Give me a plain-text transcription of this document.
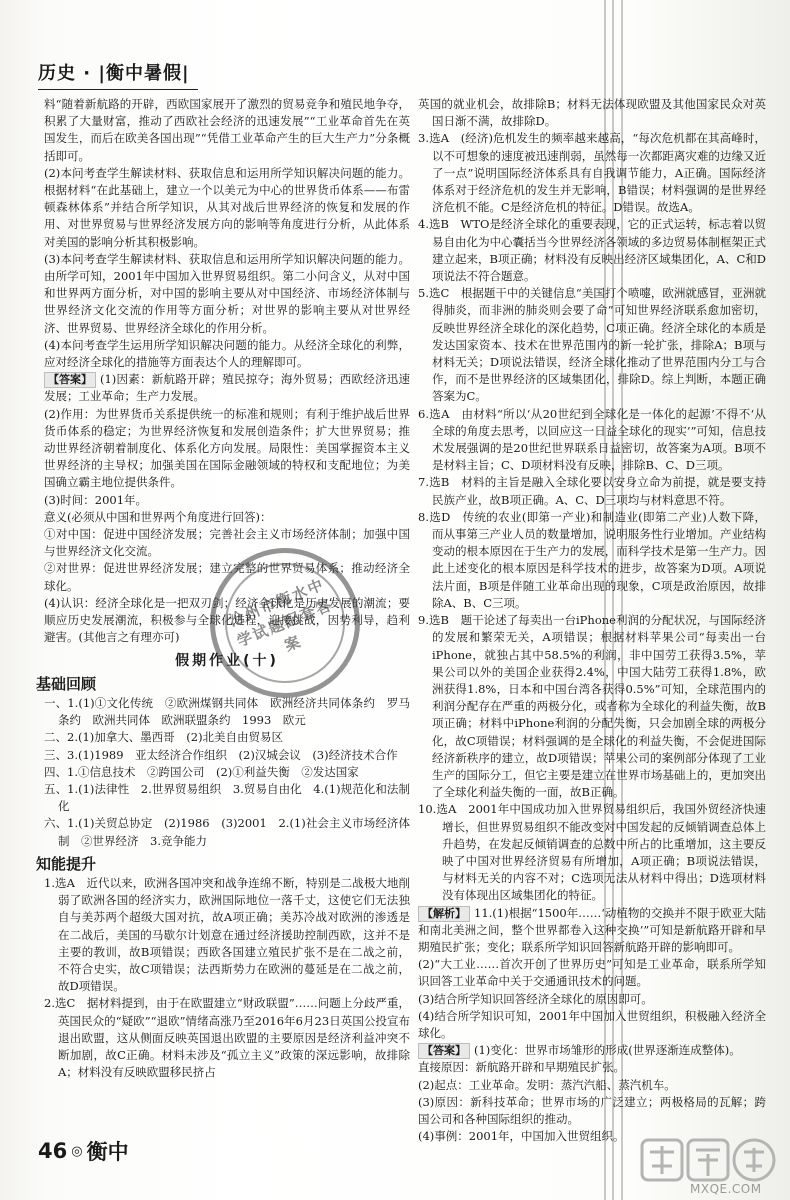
历史 · |衡中暑假|

料“随着新航路的开辟，西欧国家展开了激烈的贸易竞争和殖民地争夺，积累了大量财富，推动了西欧社会经济的迅速发展”“工业革命首先在英国发生，而后在欧美各国出现”“凭借工业革命产生的巨大生产力”分条概括即可。

(2)本问考查学生解读材料、获取信息和运用所学知识解决问题的能力。根据材料“在此基础上，建立一个以美元为中心的世界货币体系——布雷顿森林体系”并结合所学知识，从其对战后世界经济的恢复和发展的作用、对世界贸易与世界经济发展方向的影响等角度进行分析，从此体系对美国的影响分析其积极影响。

(3)本问考查学生解读材料、获取信息和运用所学知识解决问题的能力。由所学可知，2001年中国加入世界贸易组织。第二小问含义，从对中国和世界两方面分析，对中国的影响主要从对中国经济、市场经济体制与世界经济文化交流的作用等方面分析；对世界的影响主要从对世界经济、世界贸易、世界经济全球化的作用分析。

(4)本问考查学生运用所学知识解决问题的能力。从经济全球化的利弊，应对经济全球化的措施等方面表达个人的理解即可。

【答案】 (1)因素：新航路开辟；殖民掠夺；海外贸易；西欧经济迅速发展；工业革命；生产力发展。

(2)作用：为世界货币关系提供统一的标准和规则；有利于维护战后世界货币体系的稳定；为世界经济恢复和发展创造条件；扩大世界贸易；推动世界经济朝着制度化、体系化方向发展。局限性：美国掌握资本主义世界经济的主导权；加强美国在国际金融领域的特权和支配地位；为美国确立霸主地位提供条件。

(3)时间：2001年。

意义(必须从中国和世界两个角度进行回答)：

①对中国：促进中国经济发展；完善社会主义市场经济体制；加强中国与世界经济文化交流。

②对世界：促进世界经济发展；建立完整的世界贸易体系；推动经济全球化。

(4)认识：经济全球化是一把双刃剑；经济全球化是历史发展的潮流；要顺应历史发展潮流，积极参与全球化进程，迎接挑战，因势利导，趋利避害。(其他言之有理亦可)

假期作业(十)
基础回顾

一、1.(1)①文化传统　②欧洲煤钢共同体　欧洲经济共同体条约　罗马条约　欧洲共同体　欧洲联盟条约　1993　欧元

二、2.(1)加拿大、墨西哥　(2)北美自由贸易区

三、3.(1)1989　亚太经济合作组织　(2)汉城会议　(3)经济技术合作

四、1.①信息技术　②跨国公司　(2)①利益失衡　②发达国家

五、1.(1)法律性　2.世界贸易组织　3.贸易自由化　4.(1)规范化和法制化

六、1.(1)关贸总协定　(2)1986　(3)2001　2.(1)社会主义市场经济体制　②世界经济　3.竞争能力

知能提升

1.选A　近代以来，欧洲各国冲突和战争连绵不断，特别是二战极大地削弱了欧洲各国的经济实力，欧洲国际地位一落千丈，这使它们无法独自与美苏两个超级大国对抗，故A项正确；美苏冷战对欧洲的渗透是在二战后，美国的马歇尔计划意在通过经济援助控制西欧，这并不是主要的教训，故B项错误；西欧各国建立殖民扩张不是在二战之前，不符合史实，故C项错误；法西斯势力在欧洲的蔓延是在二战之前，故D项错误。

2.选C　据材料提到，由于在欧盟建立“财政联盟”……问题上分歧严重，英国民众的“疑欧”“退欧”情绪高涨乃至2016年6月23日英国公投宣布退出欧盟，这从侧面反映英国退出欧盟的主要原因是经济利益冲突不断加剧，故C正确。材料未涉及“孤立主义”政策的深远影响，故排除A；材料没有反映欧盟移民挤占

英国的就业机会，故排除B；材料无法体现欧盟及其他国家民众对英国日渐不满，故排除D。

3.选A　(经济)危机发生的频率越来越高，“每次危机都在其高峰时，以不可想象的速度被迅速削弱，虽然每一次都距离灾难的边缘又近了一点”说明国际经济体系具有自我调节能力，A正确。国际经济体系对于经济危机的发生并无影响，B错误；材料强调的是世界经济危机不能。C是经济危机的特征。D错误。故选A。

4.选B　WTO是经济全球化的重要表现，它的正式运转，标志着以贸易自由化为中心囊括当今世界经济各领域的多边贸易体制框架正式建立起来，B项正确；材料没有反映出经济区域集团化，A、C和D项说法不符合题意。

5.选C　根据题干中的关键信息“美国打个喷嚏，欧洲就感冒，亚洲就得肺炎，而非洲的肺炎则会要了命”可知世界经济联系愈加密切，反映世界经济全球化的深化趋势，C项正确。经济全球化的本质是发达国家资本、技术在世界范围内的新一轮扩张，排除A；B项与材料无关；D项说法错误，经济全球化推动了世界范围内分工与合作，而不是世界经济的区域集团化，排除D。综上判断，本题正确答案为C。

6.选A　由材料“所以‘从20世纪到全球化是一体化的起源’不得不‘从全球的角度去思考，以回应这一日益全球化的现实’”可知，信息技术发展强调的是20世纪世界联系日益密切，故答案为A项。B项不是材料主旨；C、D项材料没有反映，排除B、C、D三项。

7.选B　材料的主旨是融入全球化要以安身立命为前提，就是要支持民族产业，故B项正确。A、C、D三项均与材料意思不符。

8.选D　传统的农业(即第一产业)和制造业(即第二产业)人数下降，而从事第三产业人员的数量增加，说明服务性行业增加。产业结构变动的根本原因在于生产力的发展，而科学技术是第一生产力。因此上述变化的根本原因是科学技术的进步，故答案为D项。A项说法片面，B项是伴随工业革命出现的现象，C项是政治原因，故排除A、B、C三项。

9.选B　题干论述了每卖出一台iPhone利润的分配状况，与国际经济的发展和繁荣无关，A项错误；根据材料苹果公司“每卖出一台iPhone，就独占其中58.5%的利润，非中国劳工获得3.5%，苹果公司以外的美国企业获得2.4%，中国大陆劳工获得1.8%，欧洲获得1.8%，日本和中国台湾各获得0.5%”可知，全球范围内的利润分配存在严重的两极分化，或者称为全球化的利益失衡，故B项正确；材料中iPhone利润的分配失衡，只会加剧全球的两极分化，故C项错误；材料强调的是全球化的利益失衡，不会促进国际经济新秩序的建立，故D项错误；苹果公司的案例部分体现了工业生产的国际分工，但它主要是建立在世界市场基础上的，更加突出了全球化利益失衡的一面，故B正确。

10.选A　2001年中国成功加入世界贸易组织后，我国外贸经济快速增长，但世界贸易组织不能改变对中国发起的反倾销调查总体上升趋势，在发起反倾销调查的总数中所占的比重增加，这主要反映了中国对世界经济贸易有所增加，A项正确；B项说法错误，与材料无关的内容不对；C选项无法从材料中得出；D选项材料没有体现出区域集团化的特征。

【解析】 11.(1)根据“1500年……‘动植物的交换并不限于欧亚大陆和南北美洲之间，整个世界都卷入这种交换’”可知是新航路开辟和早期殖民扩张；变化；联系所学知识回答新航路开辟的影响即可。

(2)“大工业……首次开创了世界历史”可知是工业革命，联系所学知识回答工业革命中关于交通通讯技术的问题。

(3)结合所学知识回答经济全球化的原因即可。

(4)结合所学知识可知，2001年中国加入世贸组织，积极融入经济全球化。

【答案】 (1)变化：世界市场雏形的形成(世界逐渐连成整体)。

直接原因：新航路开辟和早期殖民扩张。

(2)起点：工业革命。发明：蒸汽汽船、蒸汽机车。

(3)原因：新科技革命；世界市场的广泛建立；两极格局的瓦解；跨国公司和各种国际组织的推动。

(4)事例：2001年，中国加入世贸组织。

沧州市衡水中学试题配套答案
46 ◎ 衡中
MXQE.COM
